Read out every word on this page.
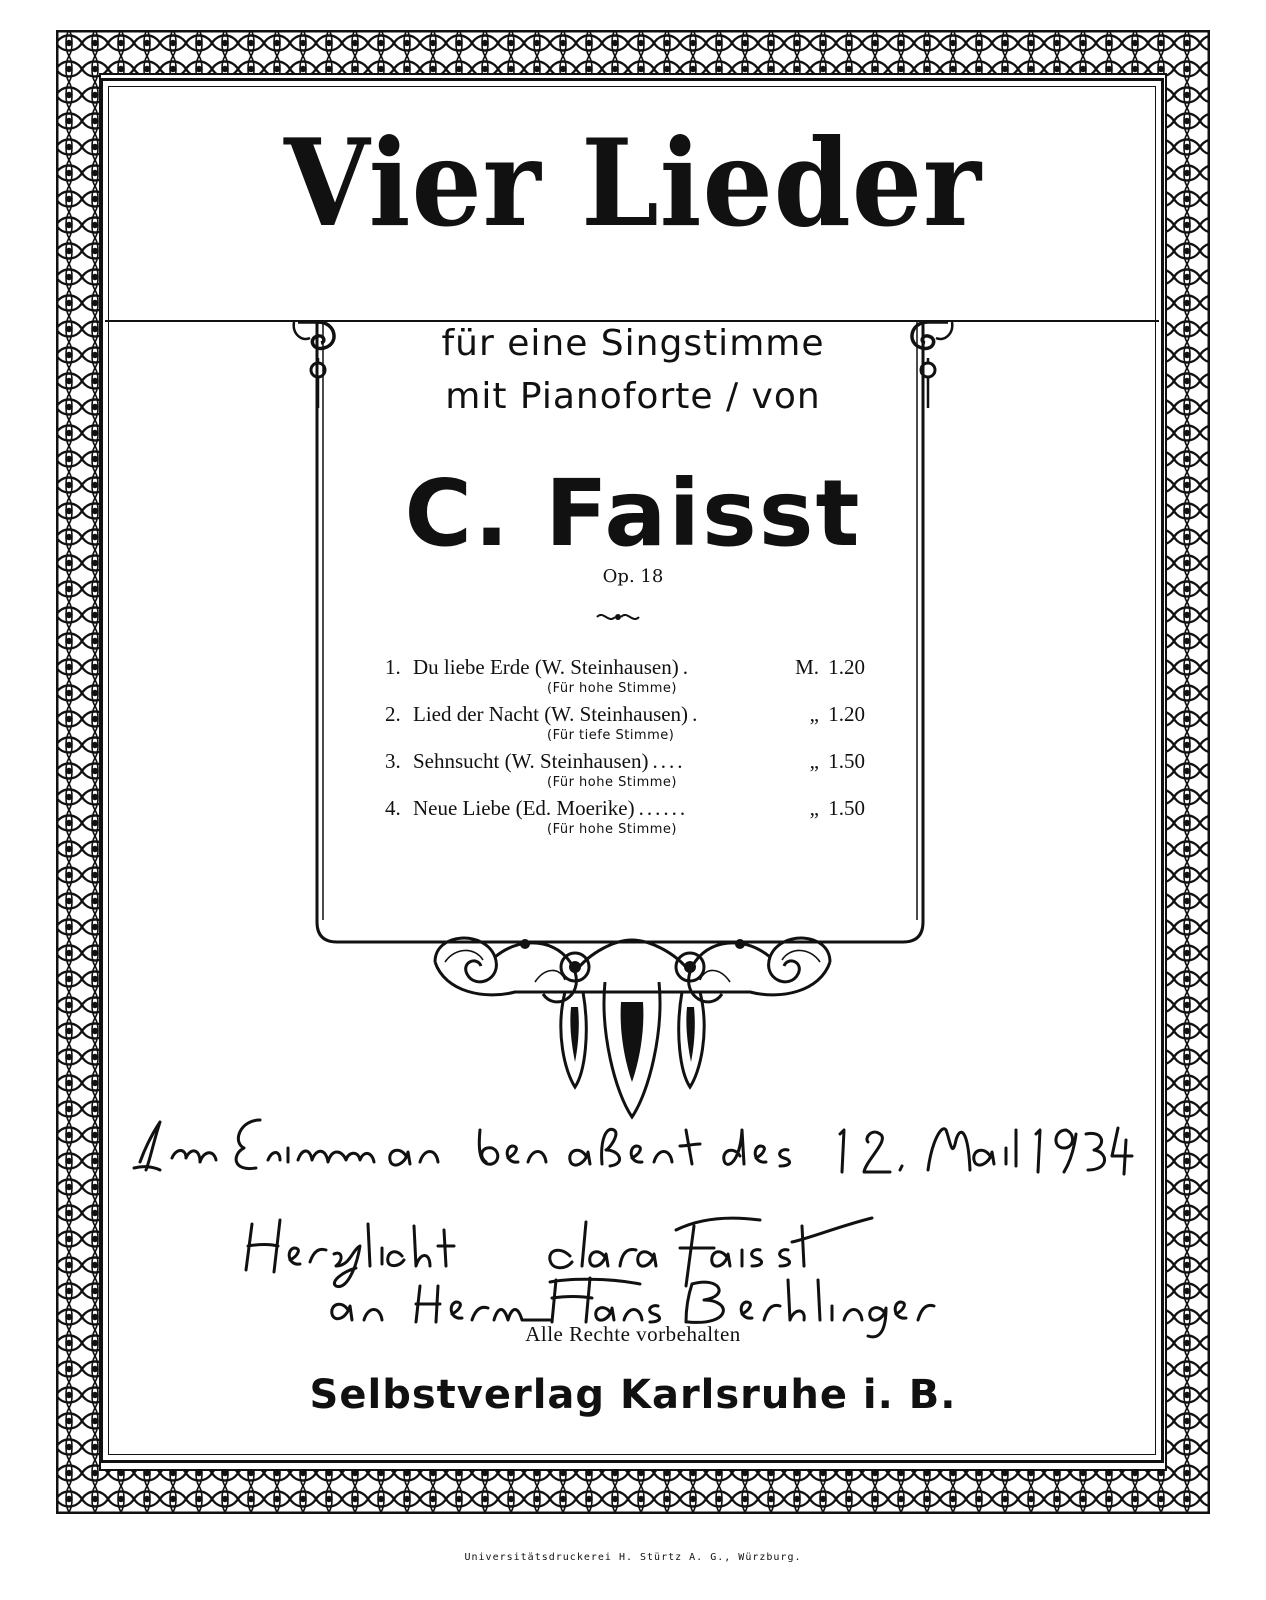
Vier Lieder
für eine Singstimme
mit Pianoforte / von
C. Faisst
Op. 18
1. Du liebe Erde (W. Steinhausen) .	M. 1.20
(Für hohe Stimme)
2. Lied der Nacht (W. Steinhausen) .	„ 1.20
(Für tiefe Stimme)
3. Sehnsucht (W. Steinhausen) ....	„ 1.50
(Für hohe Stimme)
4. Neue Liebe (Ed. Moerike) ......	„ 1.50
(Für hohe Stimme)
Alle Rechte vorbehalten
Selbstverlag Karlsruhe i. B.
Universitätsdruckerei H. Stürtz A. G., Würzburg.
